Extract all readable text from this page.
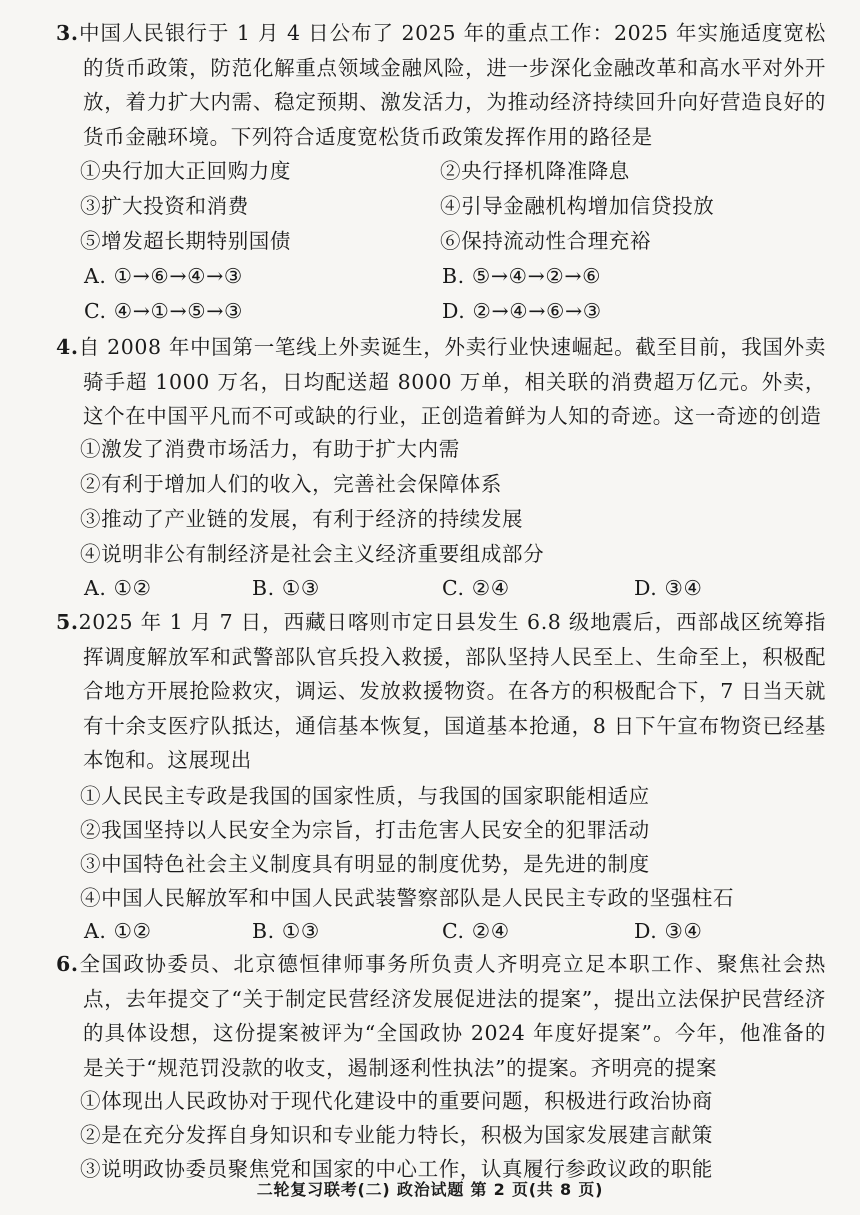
3.中国人民银行于 1 月 4 日公布了 2025 年的重点工作：2025 年实施适度宽松的货币政策，防范化解重点领域金融风险，进一步深化金融改革和高水平对外开放，着力扩大内需、稳定预期、激发活力，为推动经济持续回升向好营造良好的货币金融环境。下列符合适度宽松货币政策发挥作用的路径是

①央行加大正回购力度	②央行择机降准降息
③扩大投资和消费	④引导金融机构增加信贷投放
⑤增发超长期特别国债	⑥保持流动性合理充裕
A. ①→⑥→④→③	B. ⑤→④→②→⑥
C. ④→①→⑤→③	D. ②→④→⑥→③

4.自 2008 年中国第一笔线上外卖诞生，外卖行业快速崛起。截至目前，我国外卖骑手超 1000 万名，日均配送超 8000 万单，相关联的消费超万亿元。外卖，这个在中国平凡而不可或缺的行业，正创造着鲜为人知的奇迹。这一奇迹的创造

①激发了消费市场活力，有助于扩大内需
②有利于增加人们的收入，完善社会保障体系
③推动了产业链的发展，有利于经济的持续发展
④说明非公有制经济是社会主义经济重要组成部分
A. ①②	B. ①③	C. ②④	D. ③④

5.2025 年 1 月 7 日，西藏日喀则市定日县发生 6.8 级地震后，西部战区统筹指挥调度解放军和武警部队官兵投入救援，部队坚持人民至上、生命至上，积极配合地方开展抢险救灾，调运、发放救援物资。在各方的积极配合下，7 日当天就有十余支医疗队抵达，通信基本恢复，国道基本抢通，8 日下午宣布物资已经基本饱和。这展现出

①人民民主专政是我国的国家性质，与我国的国家职能相适应
②我国坚持以人民安全为宗旨，打击危害人民安全的犯罪活动
③中国特色社会主义制度具有明显的制度优势，是先进的制度
④中国人民解放军和中国人民武装警察部队是人民民主专政的坚强柱石
A. ①②	B. ①③	C. ②④	D. ③④

6.全国政协委员、北京德恒律师事务所负责人齐明亮立足本职工作、聚焦社会热点，去年提交了“关于制定民营经济发展促进法的提案”，提出立法保护民营经济的具体设想，这份提案被评为“全国政协 2024 年度好提案”。今年，他准备的是关于“规范罚没款的收支，遏制逐利性执法”的提案。齐明亮的提案

①体现出人民政协对于现代化建设中的重要问题，积极进行政治协商
②是在充分发挥自身知识和专业能力特长，积极为国家发展建言献策
③说明政协委员聚焦党和国家的中心工作，认真履行参政议政的职能
二轮复习联考(二) 政治试题 第 2 页(共 8 页)
